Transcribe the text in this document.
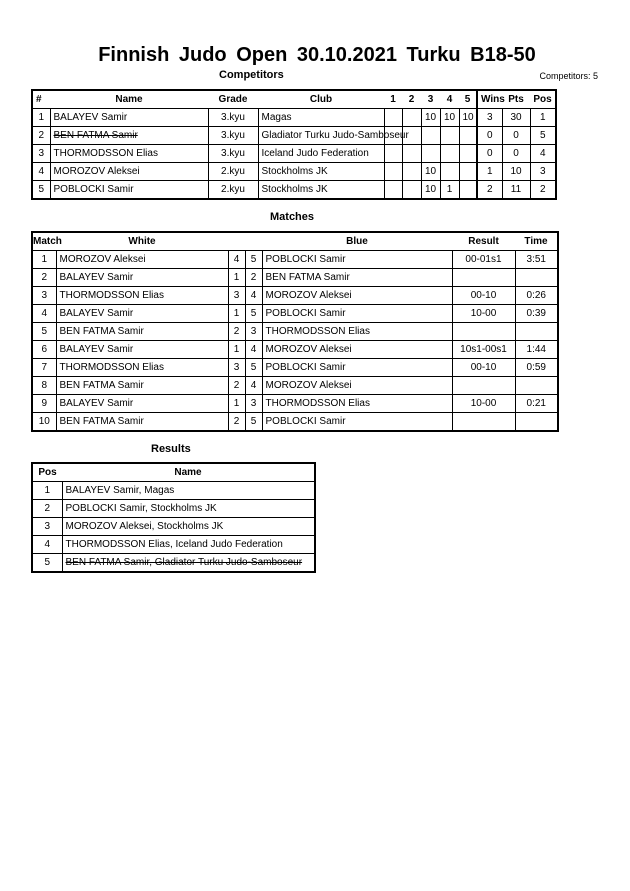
Finnish Judo Open 30.10.2021 Turku B18-50
Competitors	Competitors: 5
#	Name	Grade	Club	1	2	3	4	5	Wins	Pts	Pos
1	BALAYEV Samir	3.kyu	Magas			10	10	10	3	30	1
2	BEN FATMA Samir	3.kyu	Gladiator Turku Judo-Samboseur						0	0	5
3	THORMODSSON Elias	3.kyu	Iceland Judo Federation						0	0	4
4	MOROZOV Aleksei	2.kyu	Stockholms JK			10			1	10	3
5	POBLOCKI Samir	2.kyu	Stockholms JK			10	1		2	11	2
Matches
Match	White			Blue	Result	Time
1	MOROZOV Aleksei	4	5	POBLOCKI Samir	00-01s1	3:51
2	BALAYEV Samir	1	2	BEN FATMA Samir		
3	THORMODSSON Elias	3	4	MOROZOV Aleksei	00-10	0:26
4	BALAYEV Samir	1	5	POBLOCKI Samir	10-00	0:39
5	BEN FATMA Samir	2	3	THORMODSSON Elias		
6	BALAYEV Samir	1	4	MOROZOV Aleksei	10s1-00s1	1:44
7	THORMODSSON Elias	3	5	POBLOCKI Samir	00-10	0:59
8	BEN FATMA Samir	2	4	MOROZOV Aleksei		
9	BALAYEV Samir	1	3	THORMODSSON Elias	10-00	0:21
10	BEN FATMA Samir	2	5	POBLOCKI Samir		
Results
Pos	Name
1	BALAYEV Samir, Magas
2	POBLOCKI Samir, Stockholms JK
3	MOROZOV Aleksei, Stockholms JK
4	THORMODSSON Elias, Iceland Judo Federation
5	BEN FATMA Samir, Gladiator Turku Judo-Samboseur
